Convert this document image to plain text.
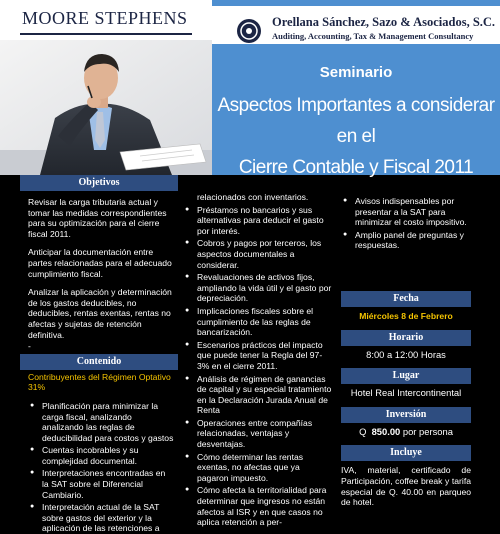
MOORE STEPHENS	Orellana Sánchez, Sazo & Asociados, S.C.
Auditing, Accounting, Tax & Management Consultancy
Seminario
Aspectos Importantes a considerar en el
Cierre Contable y Fiscal 2011
Objetivos
Revisar la carga tributaria actual y tomar las medidas correspondientes para su optimización para el cierre fiscal 2011.
Anticipar la documentación entre partes relacionadas para el adecuado cumplimiento fiscal.
Analizar la aplicación y determinación de los gastos deducibles, no deducibles, rentas exentas, rentas no afectas y sujetas de retención definitiva.
-
Contenido
Contribuyentes del Régimen Optativo 31%
● Planificación para minimizar la carga fiscal, analizando analizando las reglas de deducibilidad para costos y gastos
● Cuentas incobrables y su complejidad documental.
● Interpretaciones encontradas en la SAT sobre el Diferencial Cambiario.
● Interpretación actual de la SAT sobre gastos del exterior y la aplicación de las retenciones a
relacionados con inventarios.
● Préstamos no bancarios y sus alternativas para deducir el gasto por interés.
● Cobros y pagos por terceros, los aspectos documentales a considerar.
● Revaluaciones de activos fijos, ampliando la vida útil y el gasto por depreciación.
● Implicaciones fiscales sobre el cumplimiento de las reglas de bancarización.
● Escenarios prácticos del impacto que puede tener la Regla del 97-3% en el cierre 2011.
● Análisis de régimen de ganancias de capital y su especial tratamiento en la Declaración Jurada Anual de Renta
● Operaciones entre compañías relacionadas, ventajas y desventajas.
● Cómo determinar las rentas exentas, no afectas que ya pagaron impuesto.
● Cómo afecta la territorialidad para determinar que ingresos no están afectos al ISR y en que casos no aplica retención a per-
● Avisos indispensables por presentar a la SAT para minimizar el costo impositivo.
● Amplio panel de preguntas y respuestas.
Fecha
Miércoles 8 de Febrero
Horario
8:00 a 12:00 Horas
Lugar
Hotel Real Intercontinental
Inversión
Q 850.00 por persona
Incluye
IVA, material, certificado de Participación, coffee break y tarifa especial de Q. 40.00 en parqueo de hotel.
